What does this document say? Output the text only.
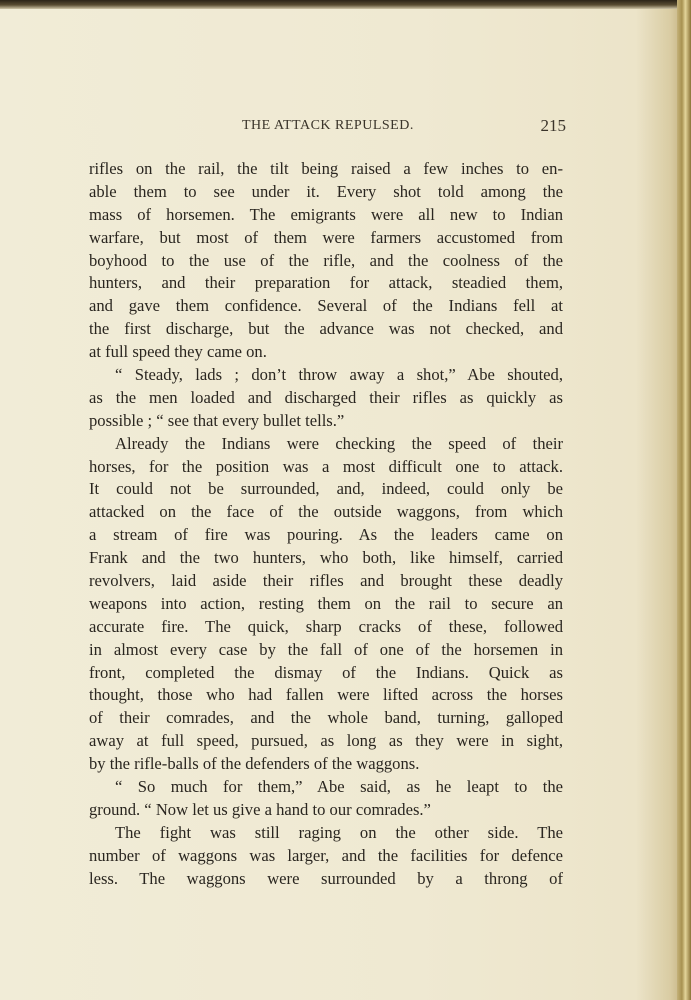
THE ATTACK REPULSED.	215
rifles on the rail, the tilt being raised a few inches to en-
able them to see under it. Every shot told among the
mass of horsemen. The emigrants were all new to Indian
warfare, but most of them were farmers accustomed from
boyhood to the use of the rifle, and the coolness of the
hunters, and their preparation for attack, steadied them,
and gave them confidence. Several of the Indians fell at
the first discharge, but the advance was not checked, and
at full speed they came on.
“ Steady, lads ; don’t throw away a shot,” Abe shouted,
as the men loaded and discharged their rifles as quickly as
possible ; “ see that every bullet tells.”
Already the Indians were checking the speed of their
horses, for the position was a most difficult one to attack.
It could not be surrounded, and, indeed, could only be
attacked on the face of the outside waggons, from which
a stream of fire was pouring. As the leaders came on
Frank and the two hunters, who both, like himself, carried
revolvers, laid aside their rifles and brought these deadly
weapons into action, resting them on the rail to secure an
accurate fire. The quick, sharp cracks of these, followed
in almost every case by the fall of one of the horsemen in
front, completed the dismay of the Indians. Quick as
thought, those who had fallen were lifted across the horses
of their comrades, and the whole band, turning, galloped
away at full speed, pursued, as long as they were in sight,
by the rifle-balls of the defenders of the waggons.
“ So much for them,” Abe said, as he leapt to the
ground. “ Now let us give a hand to our comrades.”
The fight was still raging on the other side. The
number of waggons was larger, and the facilities for defence
less. The waggons were surrounded by a throng of
